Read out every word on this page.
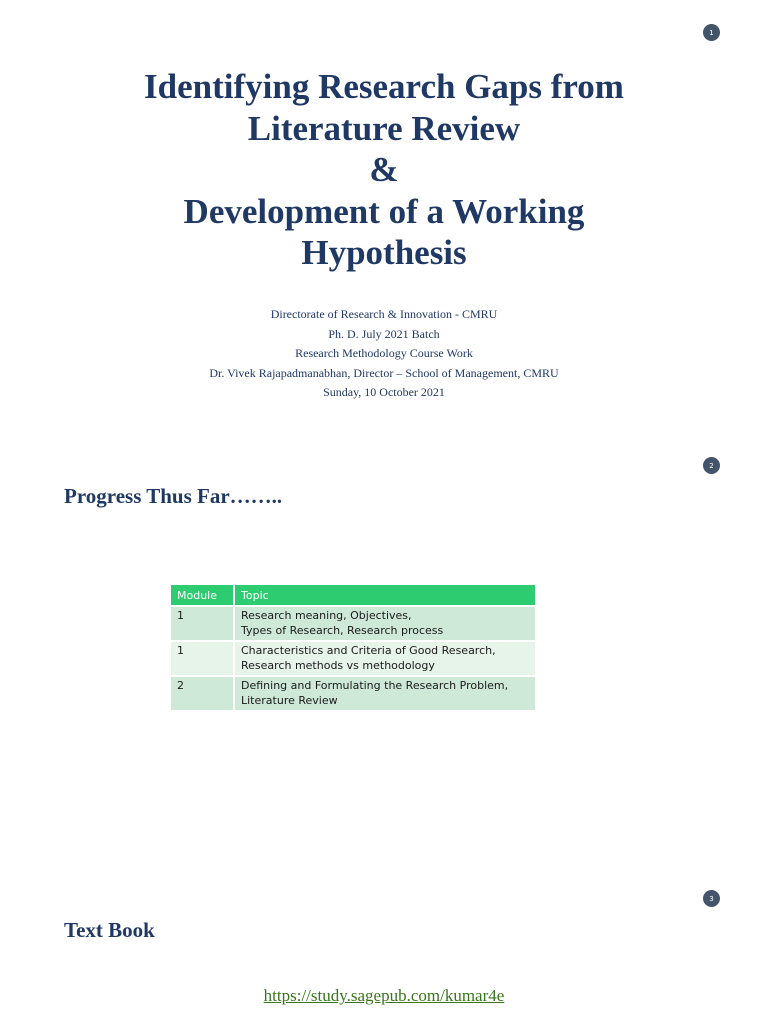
1
Identifying Research Gaps from
Literature Review
&
Development of a Working
Hypothesis
Directorate of Research & Innovation - CMRU
Ph. D. July 2021 Batch
Research Methodology Course Work
Dr. Vivek Rajapadmanabhan, Director – School of Management, CMRU
Sunday, 10 October 2021
2
Progress Thus Far……..
Module	Topic
1	Research meaning, Objectives,
Types of Research, Research process

1	Characteristics and Criteria of Good Research,
Research methods vs methodology

2	Defining and Formulating the Research Problem,
Literature Review
3
Text Book
https://study.sagepub.com/kumar4e
